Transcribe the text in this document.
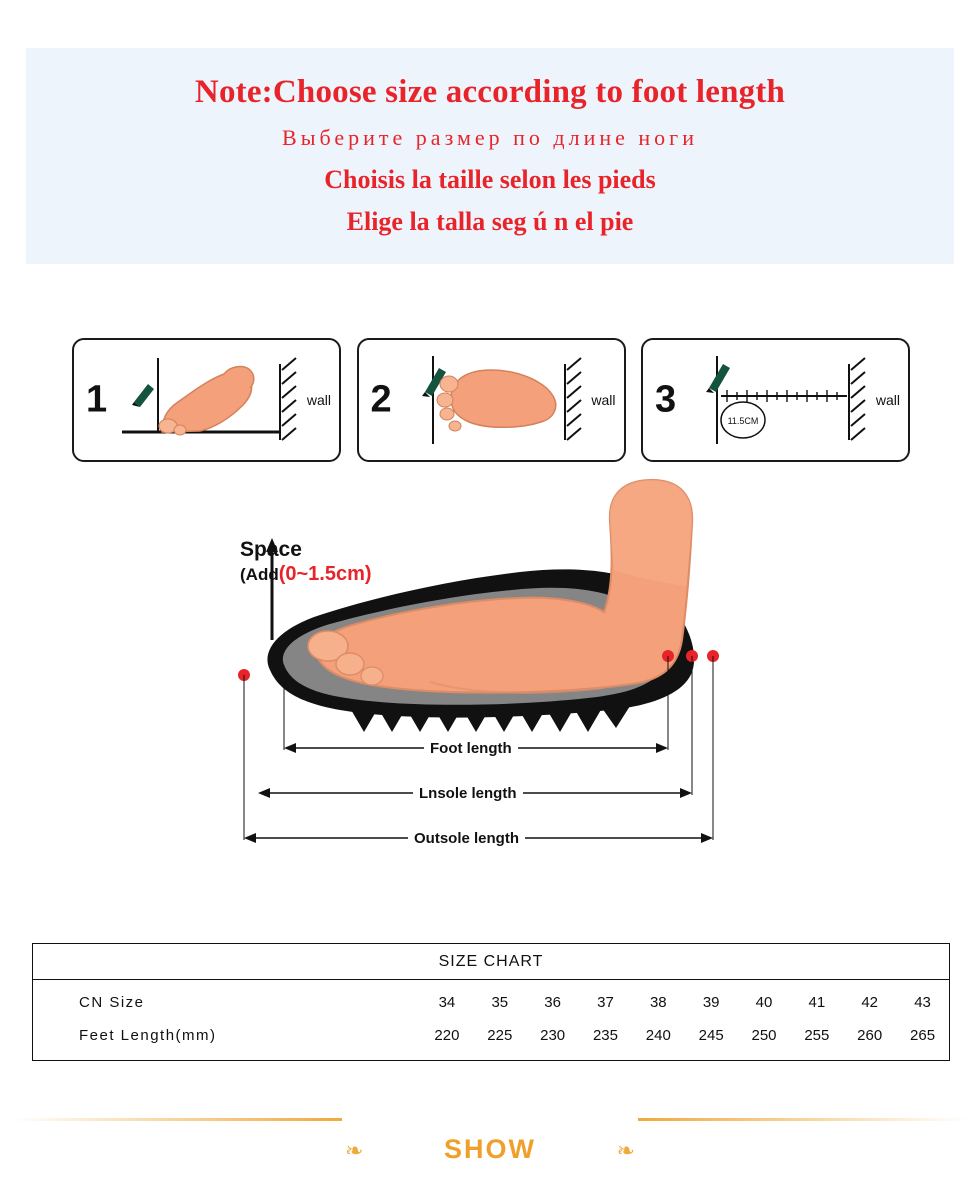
Note:Choose size according to foot length
Выберите размер по длине ноги
Choisis la taille selon les pieds
Elige la talla seg ú n el pie
1	wall 2	wall 3
11.5CM
wall
Space
(Add(0~1.5cm)
Foot length
Lnsole length
Outsole length
SIZE CHART										
CN Size	34	35	36	37	38	39	40	41	42	43
Feet Length(mm)	220	225	230	235	240	245	250	255	260	265
❧	SHOW	❧
